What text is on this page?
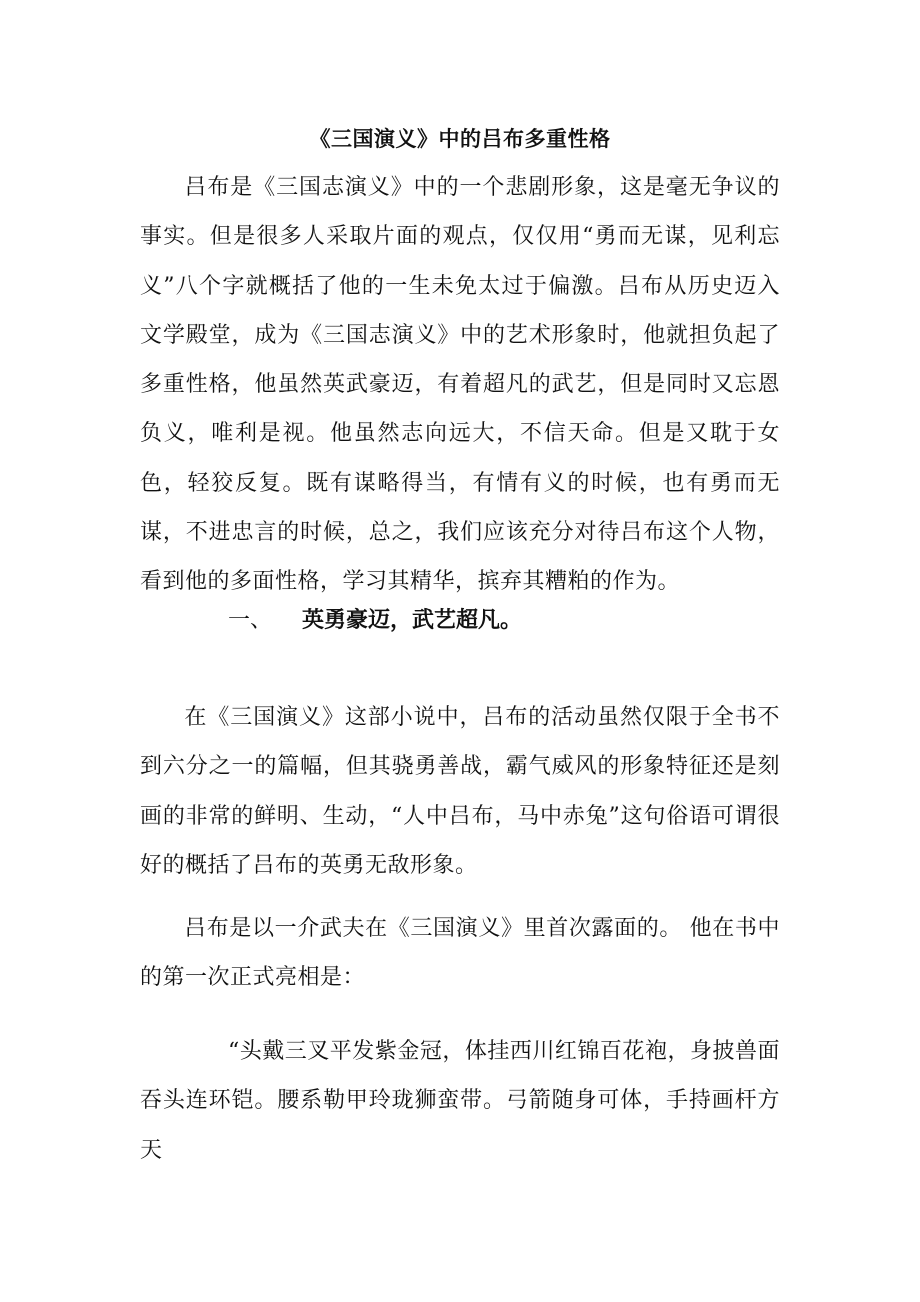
《三国演义》中的吕布多重性格

吕布是《三国志演义》中的一个悲剧形象，这是毫无争议的事实。但是很多人采取片面的观点，仅仅用“勇而无谋，见利忘义”八个字就概括了他的一生未免太过于偏激。吕布从历史迈入文学殿堂，成为《三国志演义》中的艺术形象时，他就担负起了多重性格，他虽然英武豪迈，有着超凡的武艺，但是同时又忘恩负义，唯利是视。他虽然志向远大，不信天命。但是又耽于女色，轻狡反复。既有谋略得当，有情有义的时候，也有勇而无谋，不进忠言的时候，总之，我们应该充分对待吕布这个人物，看到他的多面性格，学习其精华，摈弃其糟粕的作为。

一、 英勇豪迈，武艺超凡。

在《三国演义》这部小说中，吕布的活动虽然仅限于全书不到六分之一的篇幅，但其骁勇善战，霸气威风的形象特征还是刻画的非常的鲜明、生动，“人中吕布，马中赤兔”这句俗语可谓很好的概括了吕布的英勇无敌形象。

吕布是以一介武夫在《三国演义》里首次露面的。 他在书中的第一次正式亮相是：

“头戴三叉平发紫金冠，体挂西川红锦百花袍，身披兽面吞头连环铠。腰系勒甲玲珑狮蛮带。弓箭随身可体，手持画杆方天
